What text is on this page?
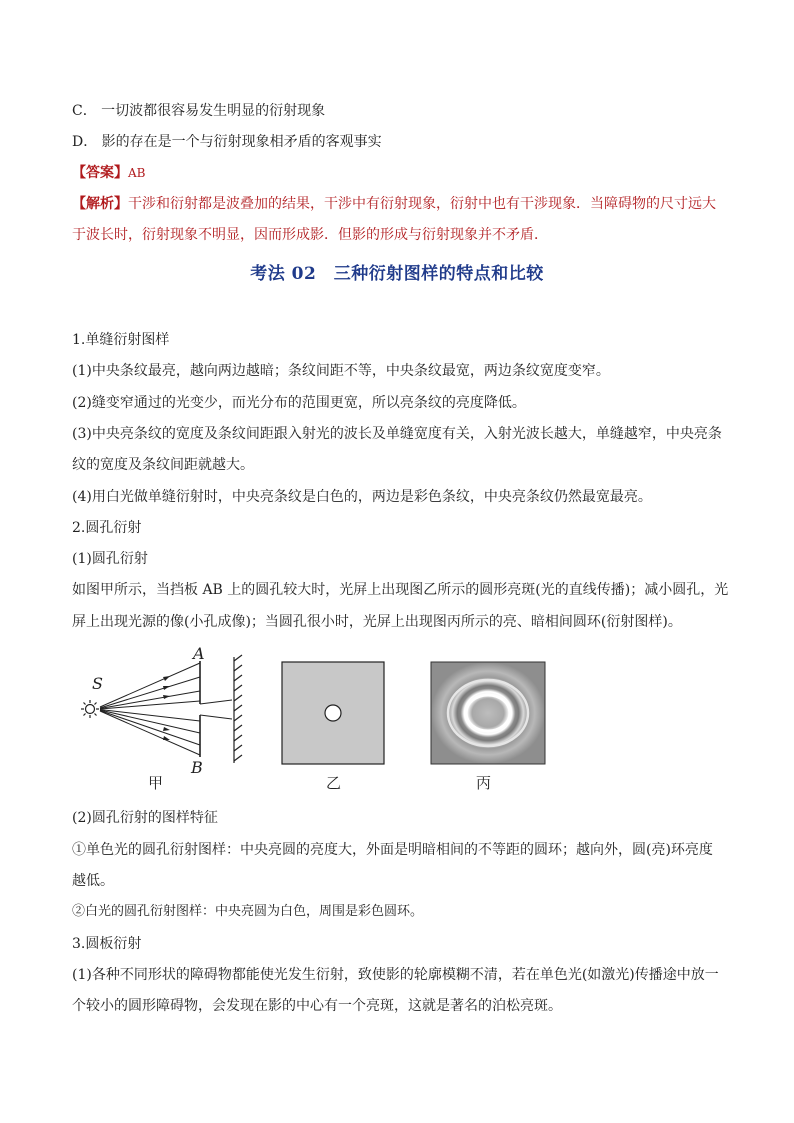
C． 一切波都很容易发生明显的衍射现象
D． 影的存在是一个与衍射现象相矛盾的客观事实
【答案】AB
【解析】干涉和衍射都是波叠加的结果，干涉中有衍射现象，衍射中也有干涉现象．当障碍物的尺寸远大
于波长时，衍射现象不明显，因而形成影．但影的形成与衍射现象并不矛盾．
考法 02　三种衍射图样的特点和比较
1.单缝衍射图样
(1)中央条纹最亮，越向两边越暗；条纹间距不等，中央条纹最宽，两边条纹宽度变窄。
(2)缝变窄通过的光变少，而光分布的范围更宽，所以亮条纹的亮度降低。
(3)中央亮条纹的宽度及条纹间距跟入射光的波长及单缝宽度有关，入射光波长越大，单缝越窄，中央亮条
纹的宽度及条纹间距就越大。
(4)用白光做单缝衍射时，中央亮条纹是白色的，两边是彩色条纹，中央亮条纹仍然最宽最亮。
2.圆孔衍射
(1)圆孔衍射
如图甲所示，当挡板 AB 上的圆孔较大时，光屏上出现图乙所示的圆形亮斑(光的直线传播)；减小圆孔，光
屏上出现光源的像(小孔成像)；当圆孔很小时，光屏上出现图丙所示的亮、暗相间圆环(衍射图样)。
S
A
B
甲	乙	丙
(2)圆孔衍射的图样特征
①单色光的圆孔衍射图样：中央亮圆的亮度大，外面是明暗相间的不等距的圆环；越向外，圆(亮)环亮度
越低。
②白光的圆孔衍射图样：中央亮圆为白色，周围是彩色圆环。
3.圆板衍射
(1)各种不同形状的障碍物都能使光发生衍射，致使影的轮廓模糊不清，若在单色光(如激光)传播途中放一
个较小的圆形障碍物，会发现在影的中心有一个亮斑，这就是著名的泊松亮斑。
